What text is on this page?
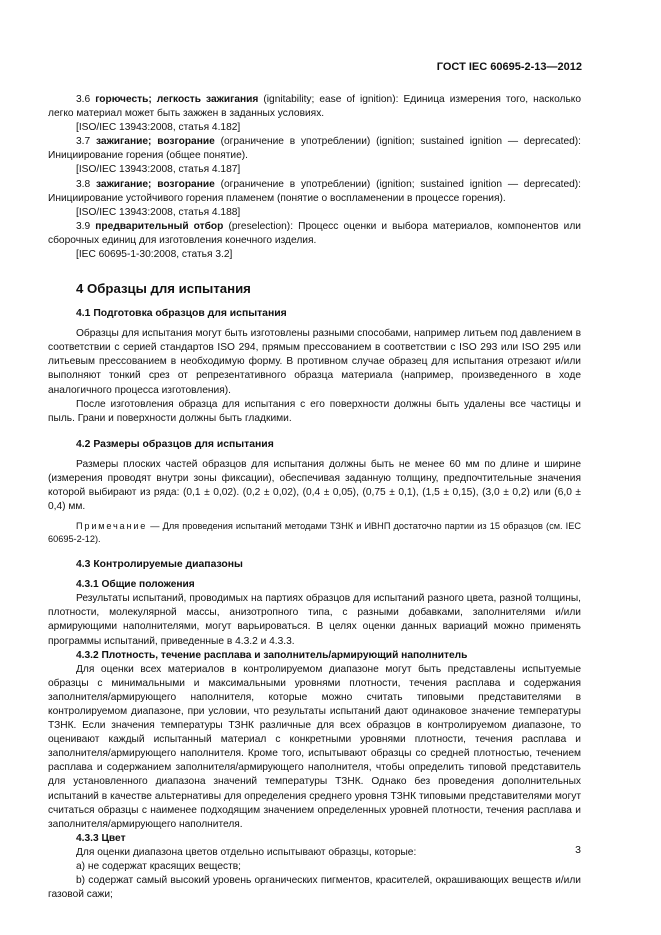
ГОСТ IEC 60695-2-13—2012

3.6 горючесть; легкость зажигания (ignitability; ease of ignition): Единица измерения того, насколько легко материал может быть зажжен в заданных условиях.

[ISO/IEC 13943:2008, статья 4.182]

3.7 зажигание; возгорание (ограничение в употреблении) (ignition; sustained ignition — deprecated): Инициирование горения (общее понятие).

[ISO/IEC 13943:2008, статья 4.187]

3.8 зажигание; возгорание (ограничение в употреблении) (ignition; sustained ignition — deprecated): Инициирование устойчивого горения пламенем (понятие о воспламенении в процессе горения).

[ISO/IEC 13943:2008, статья 4.188]

3.9 предварительный отбор (preselection): Процесс оценки и выбора материалов, компонентов или сборочных единиц для изготовления конечного изделия.

[IEC 60695-1-30:2008, статья 3.2]

4 Образцы для испытания
4.1 Подготовка образцов для испытания

Образцы для испытания могут быть изготовлены разными способами, например литьем под давлением в соответствии с серией стандартов ISO 294, прямым прессованием в соответствии с ISO 293 или ISO 295 или литьевым прессованием в необходимую форму. В противном случае образец для испытания отрезают и/или выполняют тонкий срез от репрезентативного образца материала (например, произведенного в ходе аналогичного процесса изготовления).

После изготовления образца для испытания с его поверхности должны быть удалены все частицы и пыль. Грани и поверхности должны быть гладкими.

4.2 Размеры образцов для испытания

Размеры плоских частей образцов для испытания должны быть не менее 60 мм по длине и ширине (измерения проводят внутри зоны фиксации), обеспечивая заданную толщину, предпочтительные значения которой выбирают из ряда: (0,1 ± 0,02). (0,2 ± 0,02), (0,4 ± 0,05), (0,75 ± 0,1), (1,5 ± 0,15), (3,0 ± 0,2) или (6,0 ± 0,4) мм.

Примечание — Для проведения испытаний методами ТЗНК и ИВНП достаточно партии из 15 образцов (см. IEC 60695-2-12).

4.3 Контролируемые диапазоны
4.3.1 Общие положения

Результаты испытаний, проводимых на партиях образцов для испытаний разного цвета, разной толщины, плотности, молекулярной массы, анизотропного типа, с разными добавками, заполнителями и/или армирующими наполнителями, могут варьироваться. В целях оценки данных вариаций можно применять программы испытаний, приведенные в 4.3.2 и 4.3.3.

4.3.2 Плотность, течение расплава и заполнитель/армирующий наполнитель

Для оценки всех материалов в контролируемом диапазоне могут быть представлены испытуемые образцы с минимальными и максимальными уровнями плотности, течения расплава и содержания заполнителя/армирующего наполнителя, которые можно считать типовыми представителями в контролируемом диапазоне, при условии, что результаты испытаний дают одинаковое значение температуры ТЗНК. Если значения температуры ТЗНК различные для всех образцов в контролируемом диапазоне, то оценивают каждый испытанный материал с конкретными уровнями плотности, течения расплава и заполнителя/армирующего наполнителя. Кроме того, испытывают образцы со средней плотностью, течением расплава и содержанием заполнителя/армирующего наполнителя, чтобы определить типовой представитель для установленного диапазона значений температуры ТЗНК. Однако без проведения дополнительных испытаний в качестве альтернативы для определения среднего уровня ТЗНК типовыми представителями могут считаться образцы с наименее подходящим значением определенных уровней плотности, течения расплава и заполнителя/армирующего наполнителя.

4.3.3 Цвет

Для оценки диапазона цветов отдельно испытывают образцы, которые:

а) не содержат красящих веществ;

b) содержат самый высокий уровень органических пигментов, красителей, окрашивающих веществ и/или газовой сажи;

3
